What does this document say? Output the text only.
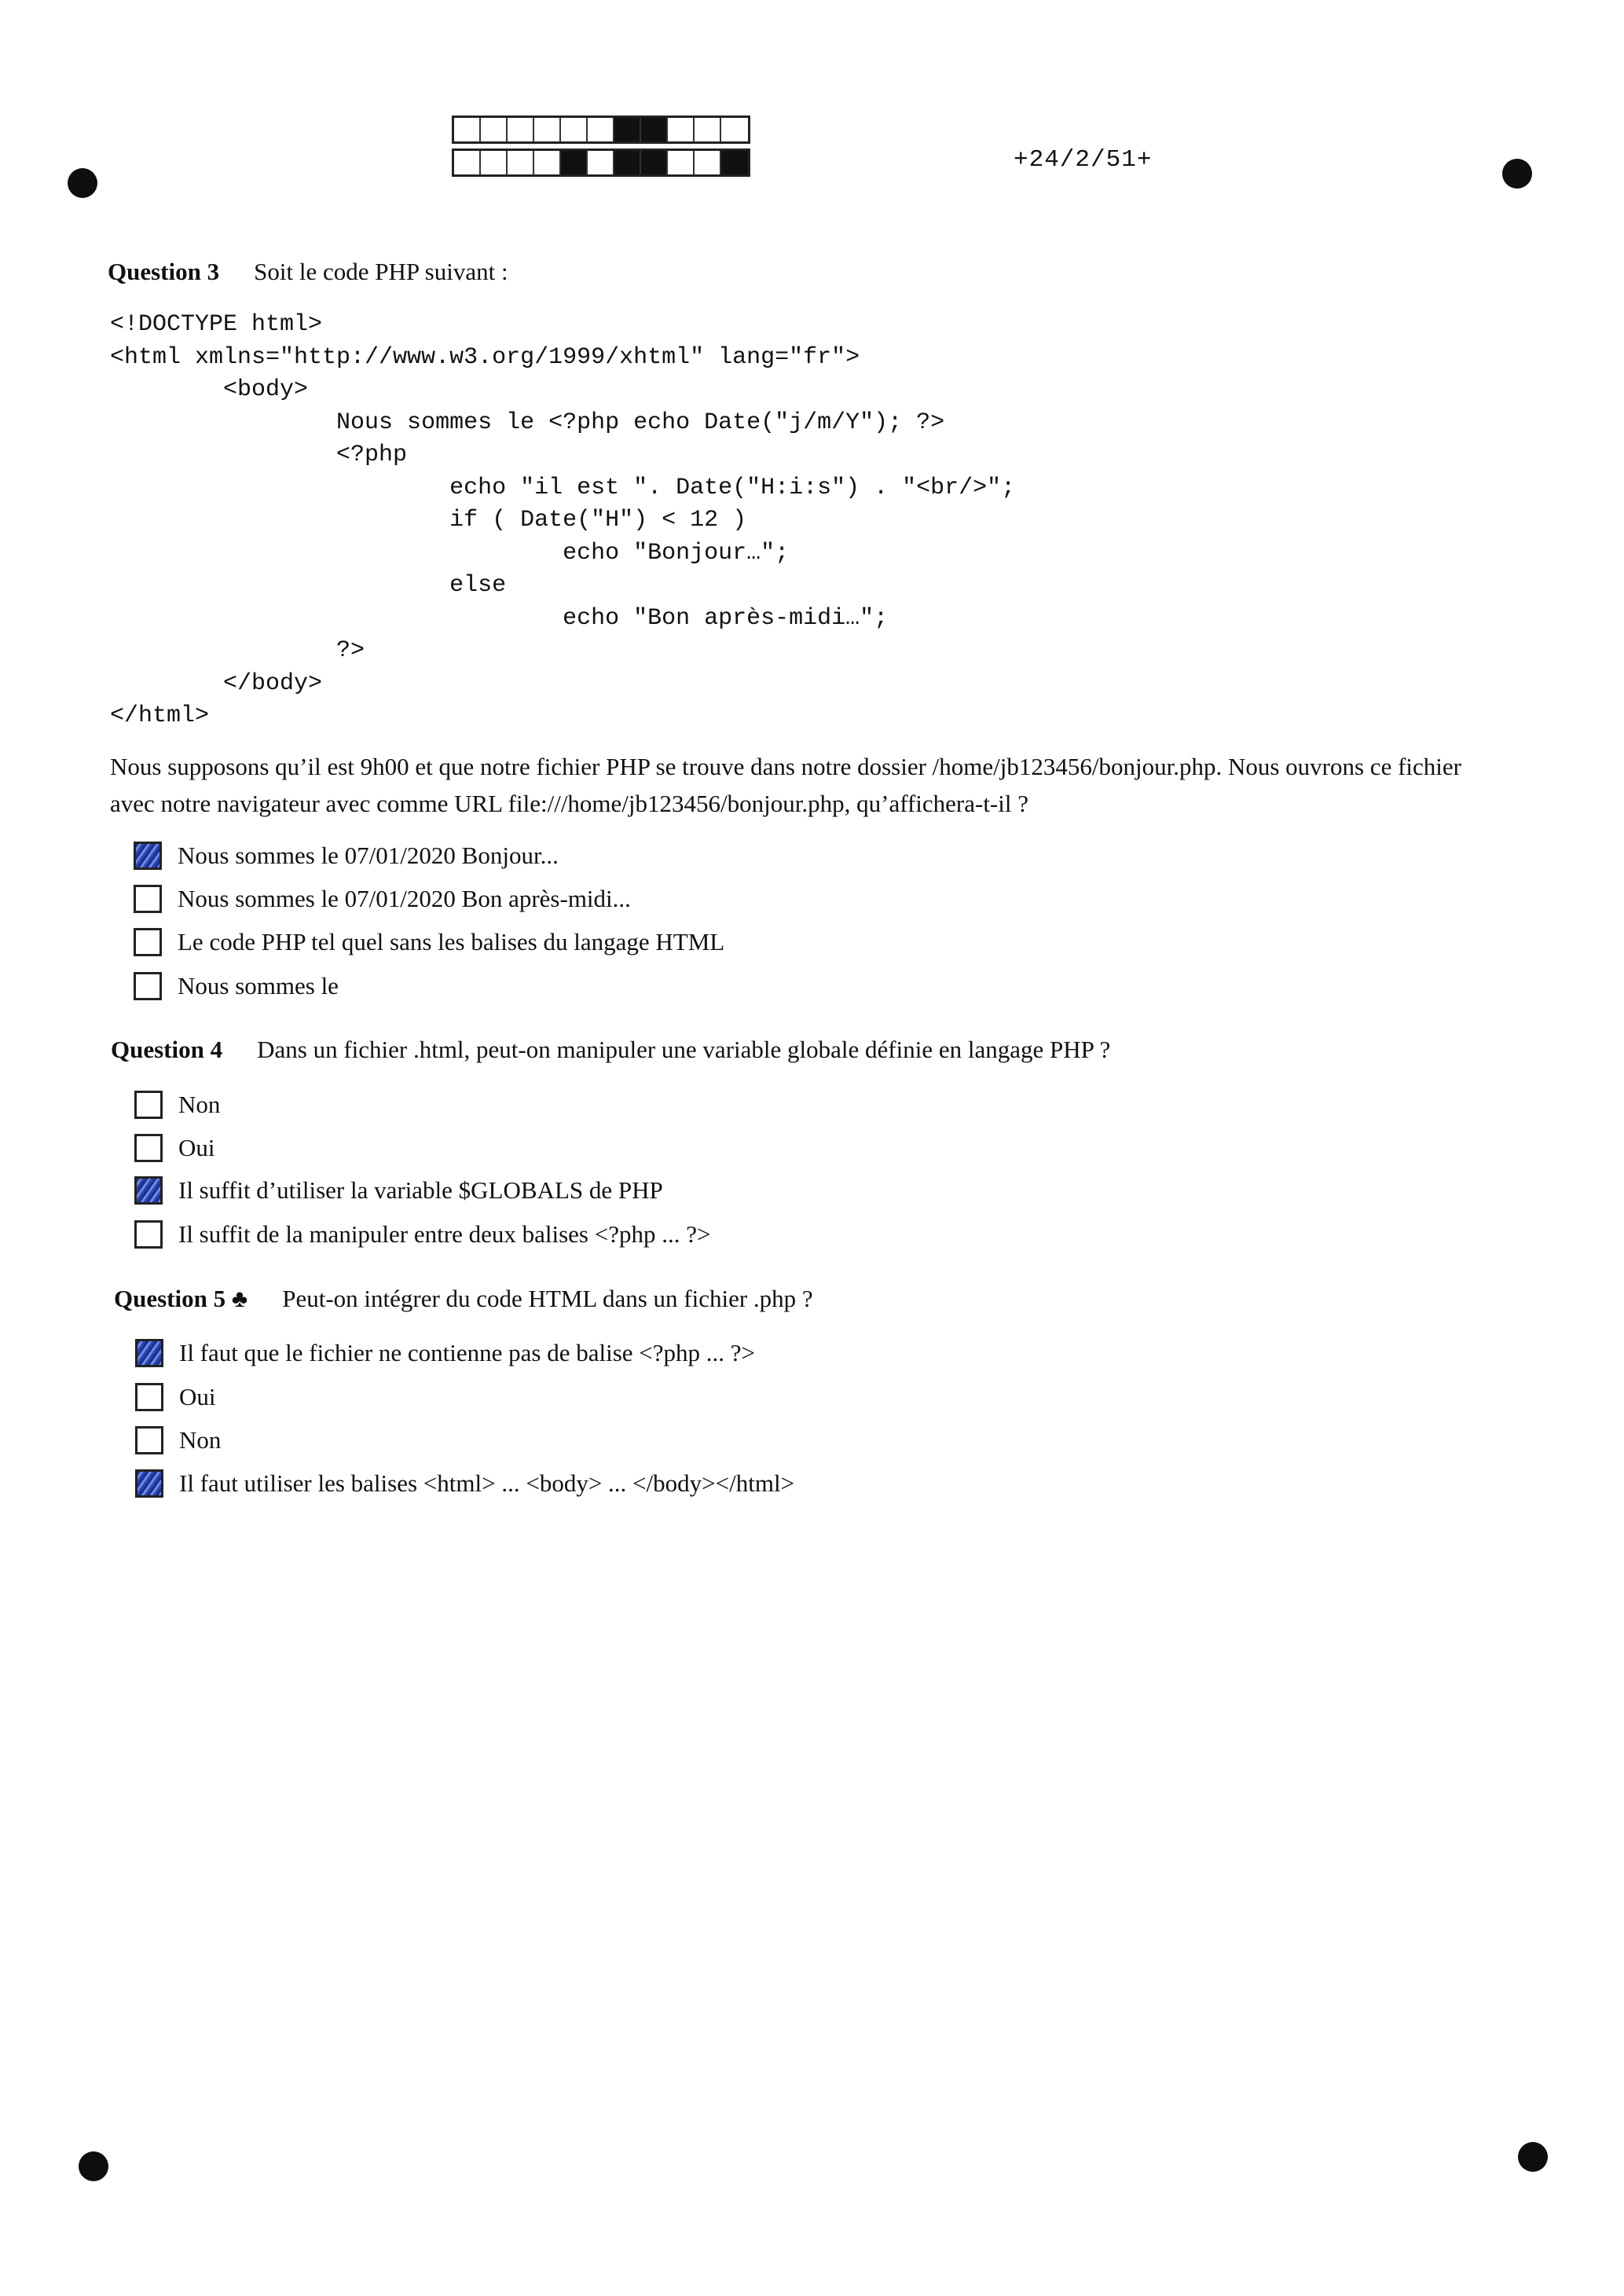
+24/2/51+
Question 3 Soit le code PHP suivant :
<!DOCTYPE html>
<html xmlns="http://www.w3.org/1999/xhtml" lang="fr">
<body>
Nous sommes le <?php echo Date("j/m/Y"); ?>
<?php
echo "il est ". Date("H:i:s") . "<br/>";
if ( Date("H") < 12 )
echo "Bonjour…";
else
echo "Bon après-midi…";
?>
</body>
</html>

Nous supposons qu’il est 9h00 et que notre fichier PHP se trouve dans notre dossier /home/jb123456/bonjour.php. Nous ouvrons ce fichier avec notre navigateur avec comme URL file:///home/jb123456/bonjour.php, qu’affichera-t-il ?

Nous sommes le 07/01/2020 Bonjour...
Nous sommes le 07/01/2020 Bon après-midi...
Le code PHP tel quel sans les balises du langage HTML
Nous sommes le
Question 4 Dans un fichier .html, peut-on manipuler une variable globale définie en langage PHP ?
Non
Oui
Il suffit d’utiliser la variable $GLOBALS de PHP
Il suffit de la manipuler entre deux balises <?php ... ?>
Question 5 ♣ Peut-on intégrer du code HTML dans un fichier .php ?
Il faut que le fichier ne contienne pas de balise <?php ... ?>
Oui
Non
Il faut utiliser les balises <html> ... <body> ... </body></html>
